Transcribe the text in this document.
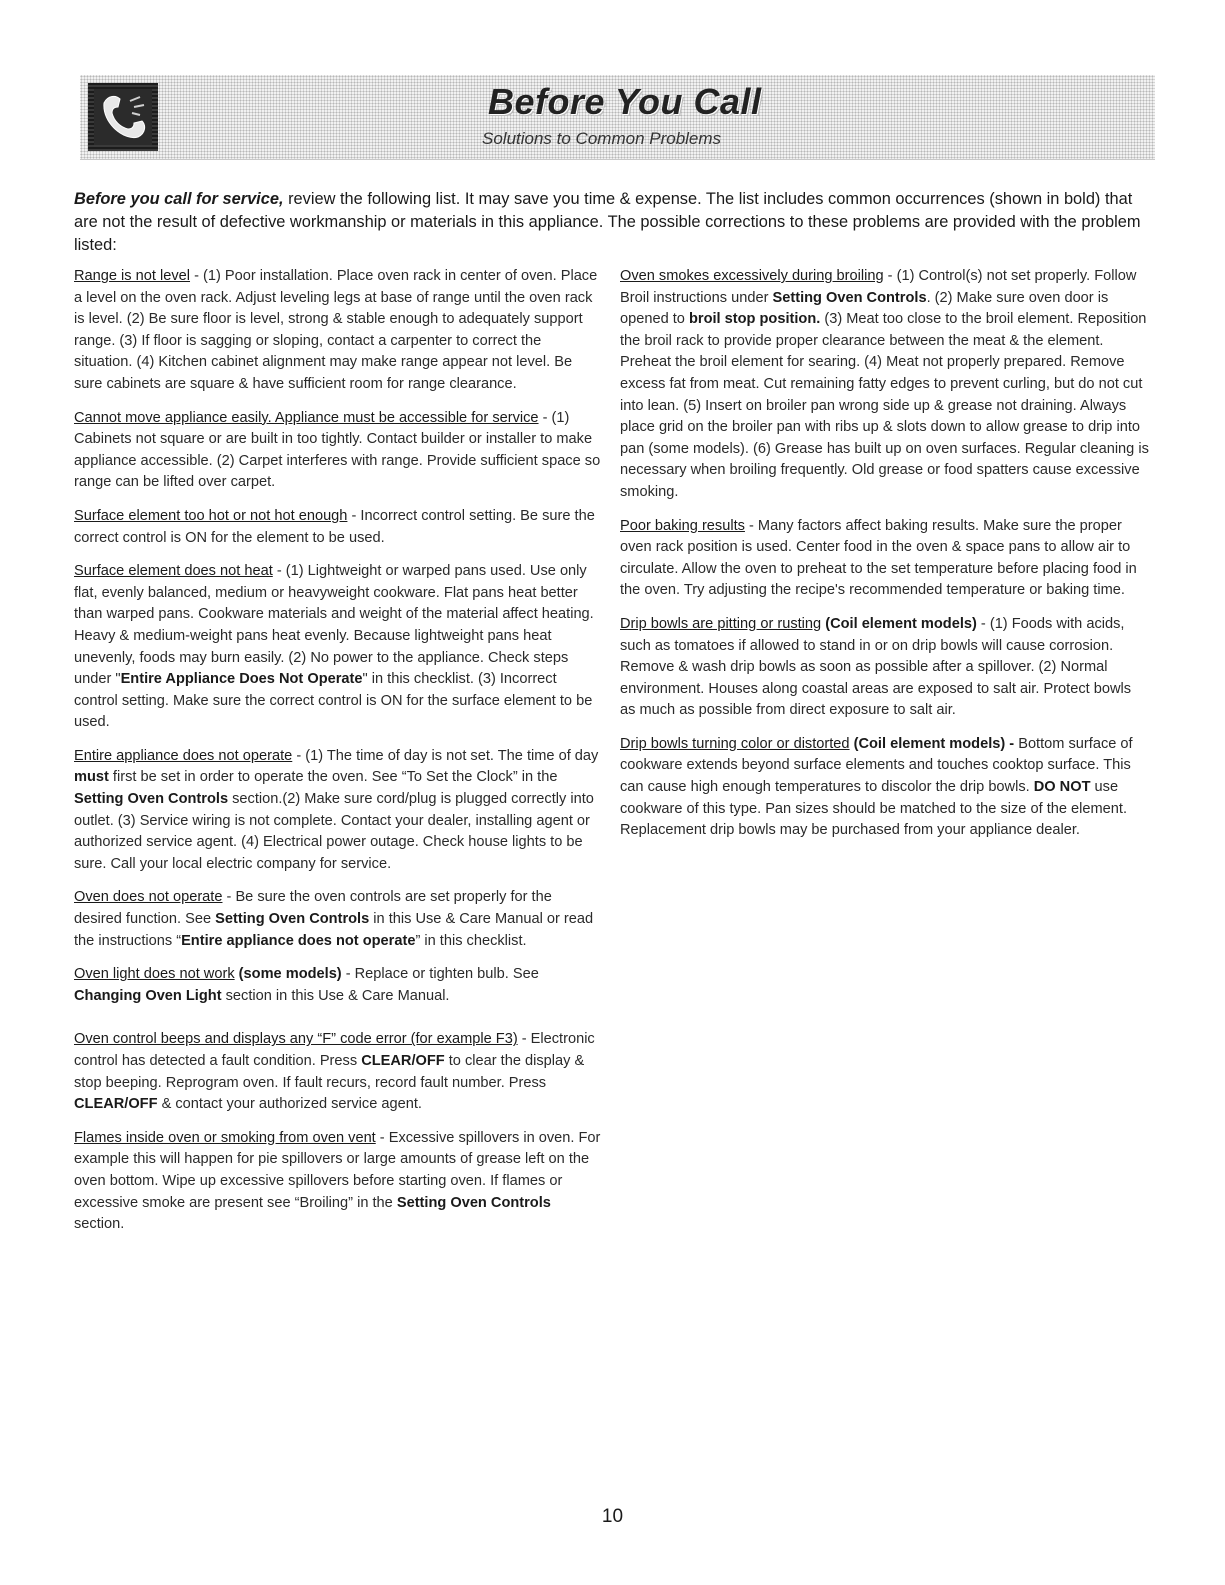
Before You Call
Solutions to Common Problems
Before you call for service, review the following list. It may save you time & expense. The list includes common occurrences (shown in bold) that are not the result of defective workmanship or materials in this appliance. The possible corrections to these problems are provided with the problem listed:

Range is not level - (1) Poor installation. Place oven rack in center of oven. Place a level on the oven rack. Adjust leveling legs at base of range until the oven rack is level. (2) Be sure floor is level, strong & stable enough to adequately support range. (3) If floor is sagging or sloping, contact a carpenter to correct the situation. (4) Kitchen cabinet alignment may make range appear not level. Be sure cabinets are square & have sufficient room for range clearance.

Cannot move appliance easily. Appliance must be accessible for service - (1) Cabinets not square or are built in too tightly. Contact builder or installer to make appliance accessible. (2) Carpet interferes with range. Provide sufficient space so range can be lifted over carpet.

Surface element too hot or not hot enough - Incorrect control setting. Be sure the correct control is ON for the element to be used.

Surface element does not heat - (1) Lightweight or warped pans used. Use only flat, evenly balanced, medium or heavyweight cookware. Flat pans heat better than warped pans. Cookware materials and weight of the material affect heating. Heavy & medium-weight pans heat evenly. Because lightweight pans heat unevenly, foods may burn easily. (2) No power to the appliance. Check steps under "Entire Appliance Does Not Operate" in this checklist. (3) Incorrect control setting. Make sure the correct control is ON for the surface element to be used.

Entire appliance does not operate - (1) The time of day is not set. The time of day must first be set in order to operate the oven. See “To Set the Clock” in the Setting Oven Controls section.(2) Make sure cord/plug is plugged correctly into outlet. (3) Service wiring is not complete. Contact your dealer, installing agent or authorized service agent. (4) Electrical power outage. Check house lights to be sure. Call your local electric company for service.

Oven does not operate - Be sure the oven controls are set properly for the desired function. See Setting Oven Controls in this Use & Care Manual or read the instructions “Entire appliance does not operate” in this checklist.

Oven light does not work (some models) - Replace or tighten bulb. See Changing Oven Light section in this Use & Care Manual.

Oven control beeps and displays any “F” code error (for example F3) - Electronic control has detected a fault condition. Press CLEAR/OFF to clear the display & stop beeping. Reprogram oven. If fault recurs, record fault number. Press CLEAR/OFF & contact your authorized service agent.

Flames inside oven or smoking from oven vent - Excessive spillovers in oven. For example this will happen for pie spillovers or large amounts of grease left on the oven bottom. Wipe up excessive spillovers before starting oven. If flames or excessive smoke are present see “Broiling” in the Setting Oven Controls section.

Oven smokes excessively during broiling - (1) Control(s) not set properly. Follow Broil instructions under Setting Oven Controls. (2) Make sure oven door is opened to broil stop position. (3) Meat too close to the broil element. Reposition the broil rack to provide proper clearance between the meat & the element. Preheat the broil element for searing. (4) Meat not properly prepared. Remove excess fat from meat. Cut remaining fatty edges to prevent curling, but do not cut into lean. (5) Insert on broiler pan wrong side up & grease not draining. Always place grid on the broiler pan with ribs up & slots down to allow grease to drip into pan (some models). (6) Grease has built up on oven surfaces. Regular cleaning is necessary when broiling frequently. Old grease or food spatters cause excessive smoking.

Poor baking results - Many factors affect baking results. Make sure the proper oven rack position is used. Center food in the oven & space pans to allow air to circulate. Allow the oven to preheat to the set temperature before placing food in the oven. Try adjusting the recipe's recommended temperature or baking time.

Drip bowls are pitting or rusting (Coil element models) - (1) Foods with acids, such as tomatoes if allowed to stand in or on drip bowls will cause corrosion. Remove & wash drip bowls as soon as possible after a spillover. (2) Normal environment. Houses along coastal areas are exposed to salt air. Protect bowls as much as possible from direct exposure to salt air.

Drip bowls turning color or distorted (Coil element models) - Bottom surface of cookware extends beyond surface elements and touches cooktop surface. This can cause high enough temperatures to discolor the drip bowls. DO NOT use cookware of this type. Pan sizes should be matched to the size of the element. Replacement drip bowls may be purchased from your appliance dealer.

10
